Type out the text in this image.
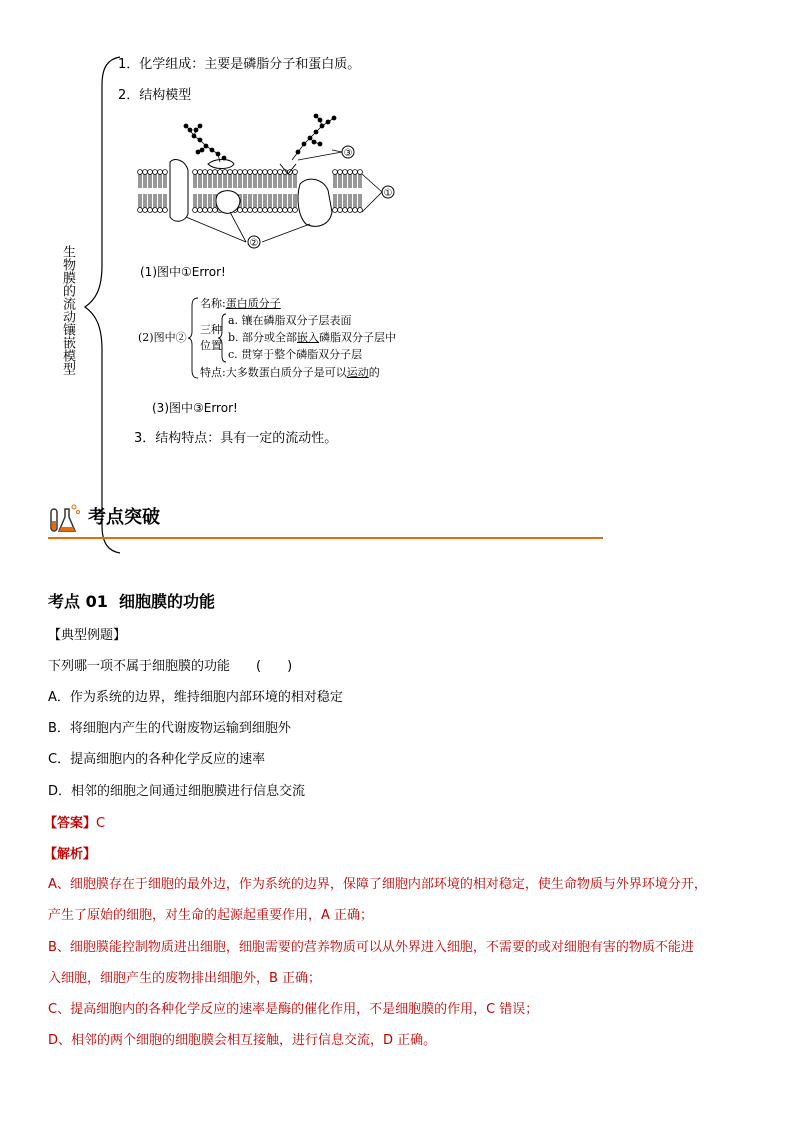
生物膜的流动镶嵌模型
1．化学组成：主要是磷脂分子和蛋白质。
2．结构模型
③
①
②
(1)图中①Error!
(2)图中②
名称:蛋白质分子
三种
位置
a. 镶在磷脂双分子层表面
b. 部分或全部嵌入磷脂双分子层中
c. 贯穿于整个磷脂双分子层
特点:大多数蛋白质分子是可以运动的
(3)图中③Error!
3．结构特点：具有一定的流动性。
考点突破
考点 01  细胞膜的功能
【典型例题】
下列哪一项不属于细胞膜的功能　　(　　)
A．作为系统的边界，维持细胞内部环境的相对稳定
B．将细胞内产生的代谢废物运输到细胞外
C．提高细胞内的各种化学反应的速率
D．相邻的细胞之间通过细胞膜进行信息交流
【答案】C
【解析】
A、细胞膜存在于细胞的最外边，作为系统的边界，保障了细胞内部环境的相对稳定，使生命物质与外界环境分开，
产生了原始的细胞，对生命的起源起重要作用，A 正确；
B、细胞膜能控制物质进出细胞，细胞需要的营养物质可以从外界进入细胞，不需要的或对细胞有害的物质不能进
入细胞，细胞产生的废物排出细胞外，B 正确；
C、提高细胞内的各种化学反应的速率是酶的催化作用，不是细胞膜的作用，C 错误；
D、相邻的两个细胞的细胞膜会相互接触，进行信息交流，D 正确。
